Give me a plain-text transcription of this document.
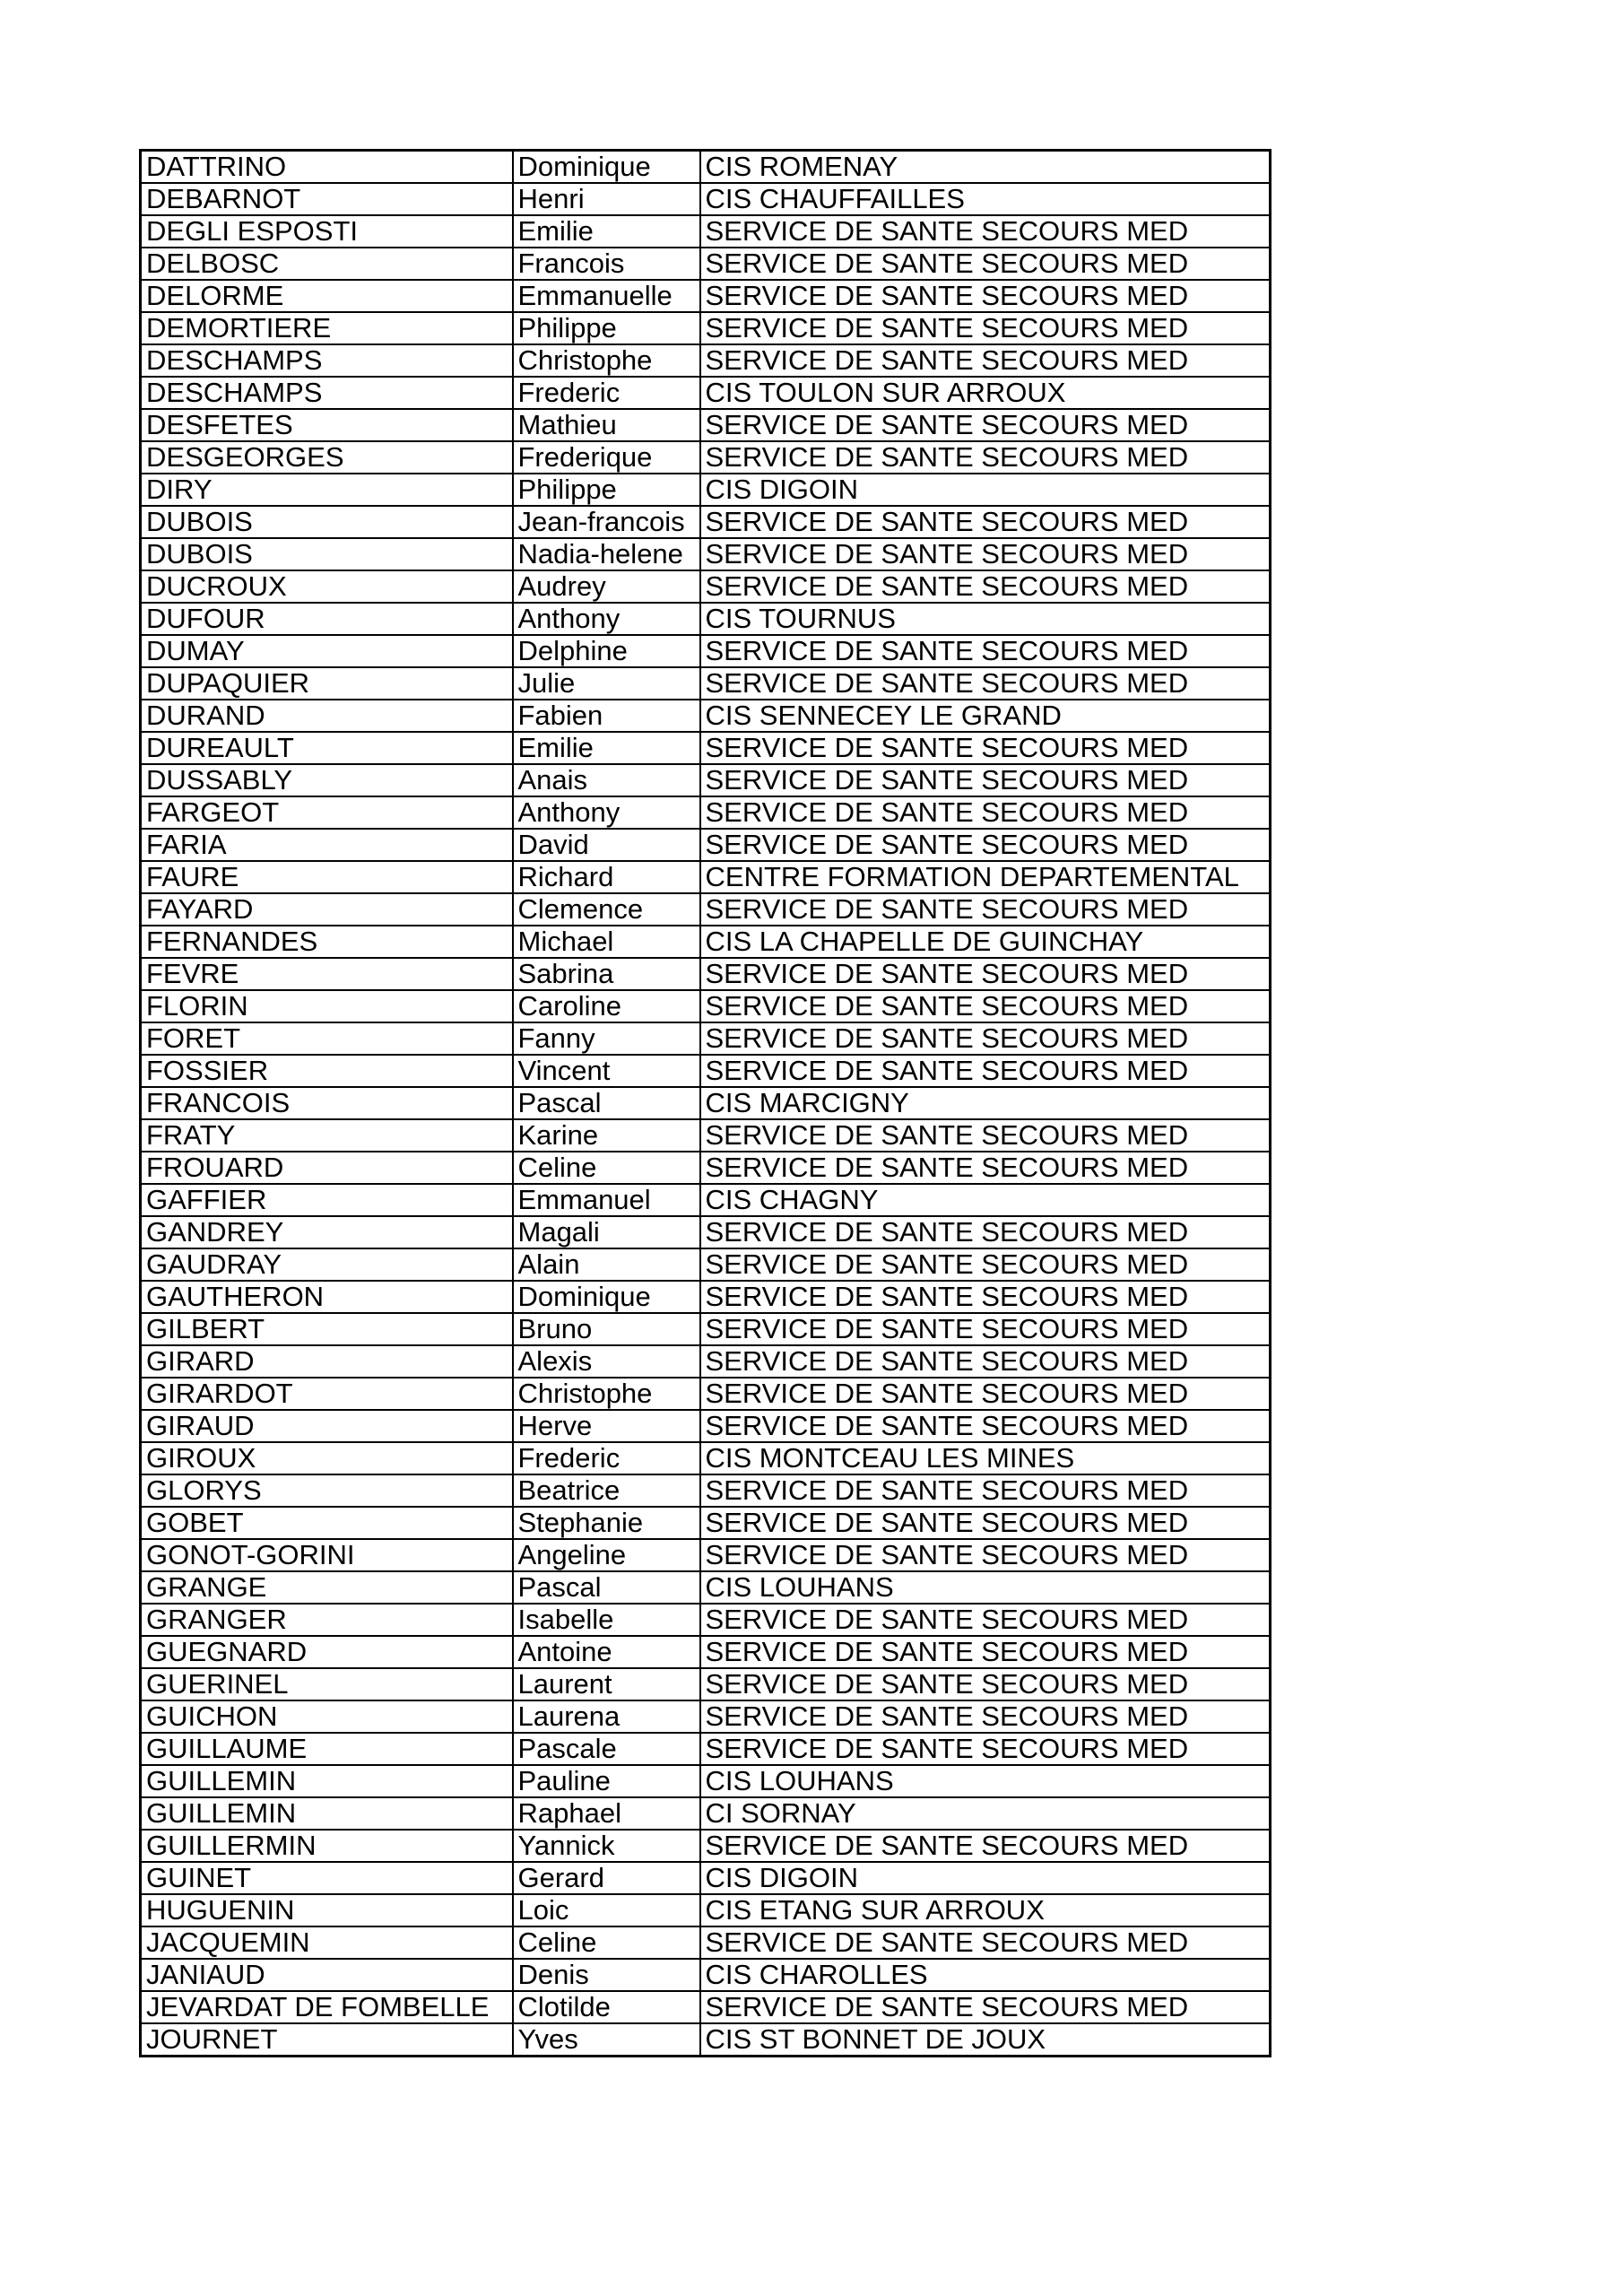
DATTRINO	Dominique	CIS ROMENAY
DEBARNOT	Henri	CIS CHAUFFAILLES
DEGLI ESPOSTI	Emilie	SERVICE DE SANTE SECOURS MED
DELBOSC	Francois	SERVICE DE SANTE SECOURS MED
DELORME	Emmanuelle	SERVICE DE SANTE SECOURS MED
DEMORTIERE	Philippe	SERVICE DE SANTE SECOURS MED
DESCHAMPS	Christophe	SERVICE DE SANTE SECOURS MED
DESCHAMPS	Frederic	CIS TOULON SUR ARROUX
DESFETES	Mathieu	SERVICE DE SANTE SECOURS MED
DESGEORGES	Frederique	SERVICE DE SANTE SECOURS MED
DIRY	Philippe	CIS DIGOIN
DUBOIS	Jean-francois	SERVICE DE SANTE SECOURS MED
DUBOIS	Nadia-helene	SERVICE DE SANTE SECOURS MED
DUCROUX	Audrey	SERVICE DE SANTE SECOURS MED
DUFOUR	Anthony	CIS TOURNUS
DUMAY	Delphine	SERVICE DE SANTE SECOURS MED
DUPAQUIER	Julie	SERVICE DE SANTE SECOURS MED
DURAND	Fabien	CIS SENNECEY LE GRAND
DUREAULT	Emilie	SERVICE DE SANTE SECOURS MED
DUSSABLY	Anais	SERVICE DE SANTE SECOURS MED
FARGEOT	Anthony	SERVICE DE SANTE SECOURS MED
FARIA	David	SERVICE DE SANTE SECOURS MED
FAURE	Richard	CENTRE FORMATION DEPARTEMENTAL
FAYARD	Clemence	SERVICE DE SANTE SECOURS MED
FERNANDES	Michael	CIS LA CHAPELLE DE GUINCHAY
FEVRE	Sabrina	SERVICE DE SANTE SECOURS MED
FLORIN	Caroline	SERVICE DE SANTE SECOURS MED
FORET	Fanny	SERVICE DE SANTE SECOURS MED
FOSSIER	Vincent	SERVICE DE SANTE SECOURS MED
FRANCOIS	Pascal	CIS MARCIGNY
FRATY	Karine	SERVICE DE SANTE SECOURS MED
FROUARD	Celine	SERVICE DE SANTE SECOURS MED
GAFFIER	Emmanuel	CIS CHAGNY
GANDREY	Magali	SERVICE DE SANTE SECOURS MED
GAUDRAY	Alain	SERVICE DE SANTE SECOURS MED
GAUTHERON	Dominique	SERVICE DE SANTE SECOURS MED
GILBERT	Bruno	SERVICE DE SANTE SECOURS MED
GIRARD	Alexis	SERVICE DE SANTE SECOURS MED
GIRARDOT	Christophe	SERVICE DE SANTE SECOURS MED
GIRAUD	Herve	SERVICE DE SANTE SECOURS MED
GIROUX	Frederic	CIS MONTCEAU LES MINES
GLORYS	Beatrice	SERVICE DE SANTE SECOURS MED
GOBET	Stephanie	SERVICE DE SANTE SECOURS MED
GONOT-GORINI	Angeline	SERVICE DE SANTE SECOURS MED
GRANGE	Pascal	CIS LOUHANS
GRANGER	Isabelle	SERVICE DE SANTE SECOURS MED
GUEGNARD	Antoine	SERVICE DE SANTE SECOURS MED
GUERINEL	Laurent	SERVICE DE SANTE SECOURS MED
GUICHON	Laurena	SERVICE DE SANTE SECOURS MED
GUILLAUME	Pascale	SERVICE DE SANTE SECOURS MED
GUILLEMIN	Pauline	CIS LOUHANS
GUILLEMIN	Raphael	CI SORNAY
GUILLERMIN	Yannick	SERVICE DE SANTE SECOURS MED
GUINET	Gerard	CIS DIGOIN
HUGUENIN	Loic	CIS ETANG SUR ARROUX
JACQUEMIN	Celine	SERVICE DE SANTE SECOURS MED
JANIAUD	Denis	CIS CHAROLLES
JEVARDAT DE FOMBELLE	Clotilde	SERVICE DE SANTE SECOURS MED
JOURNET	Yves	CIS ST BONNET DE JOUX
